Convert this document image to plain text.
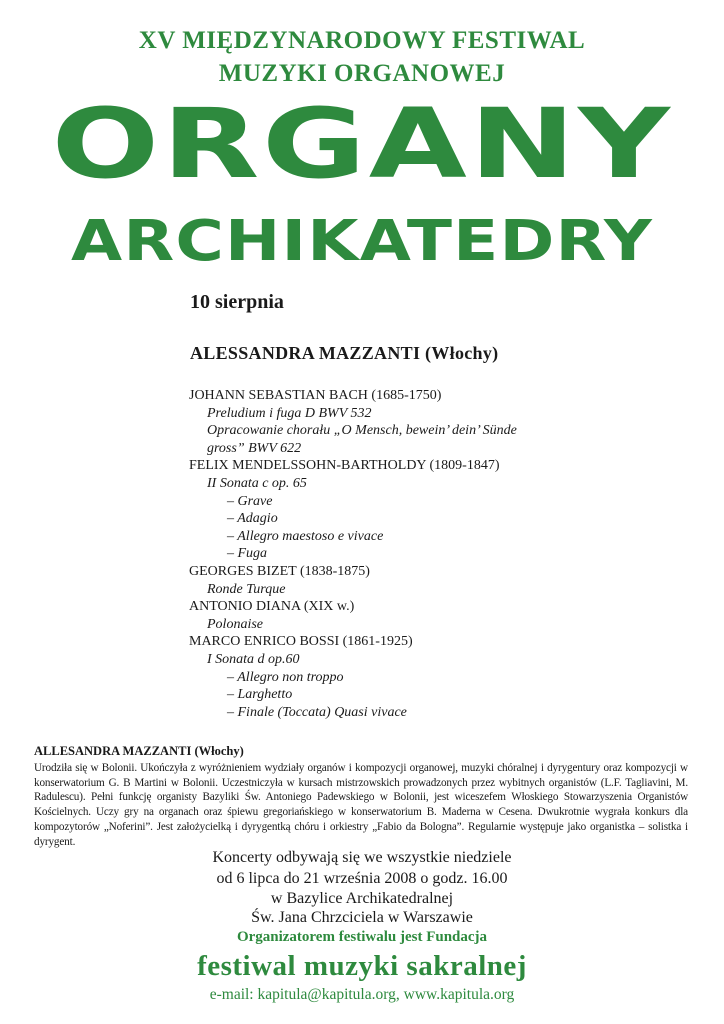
XV MIĘDZYNARODOWY FESTIWAL
MUZYKI ORGANOWEJ
ORGANY
ARCHIKATEDRY
10 sierpnia
ALESSANDRA MAZZANTI (Włochy)
JOHANN SEBASTIAN BACH (1685-1750)
Preludium i fuga D BWV 532
Opracowanie chorału „O Mensch, bewein’ dein’ Sünde
gross” BWV 622
FELIX MENDELSSOHN-BARTHOLDY (1809-1847)
II Sonata c op. 65
– Grave
– Adagio
– Allegro maestoso e vivace
– Fuga
GEORGES BIZET (1838-1875)
Ronde Turque
ANTONIO DIANA (XIX w.)
Polonaise
MARCO ENRICO BOSSI (1861-1925)
I Sonata d op.60
– Allegro non troppo
– Larghetto
– Finale (Toccata) Quasi vivace
ALLESANDRA MAZZANTI (Włochy)
Urodziła się w Bolonii. Ukończyła z wyróżnieniem wydziały organów i kompozycji organowej, muzyki chóralnej i dyrygentury oraz kompozycji w konserwatorium G. B Martini w Bolonii. Uczestniczyła w kursach mistrzowskich prowadzonych przez wybitnych organistów (L.F. Tagliavini, M. Radulescu). Pełni funkcję organisty Bazyliki Św. Antoniego Padewskiego w Bolonii, jest wiceszefem Włoskiego Stowarzyszenia Organistów Kościelnych. Uczy gry na organach oraz śpiewu gregoriańskiego w konserwatorium B. Maderna w Cesena. Dwukrotnie wygrała konkurs dla kompozytorów „Noferini”. Jest założycielką i dyrygentką chóru i orkiestry „Fabio da Bologna”. Regularnie występuje jako organistka – solistka i dyrygent.
Koncerty odbywają się we wszystkie niedziele
od 6 lipca do 21 września 2008 o godz. 16.00
w Bazylice Archikatedralnej
Św. Jana Chrzciciela w Warszawie
Organizatorem festiwalu jest Fundacja
festiwal muzyki sakralnej
e-mail: kapitula@kapitula.org, www.kapitula.org
